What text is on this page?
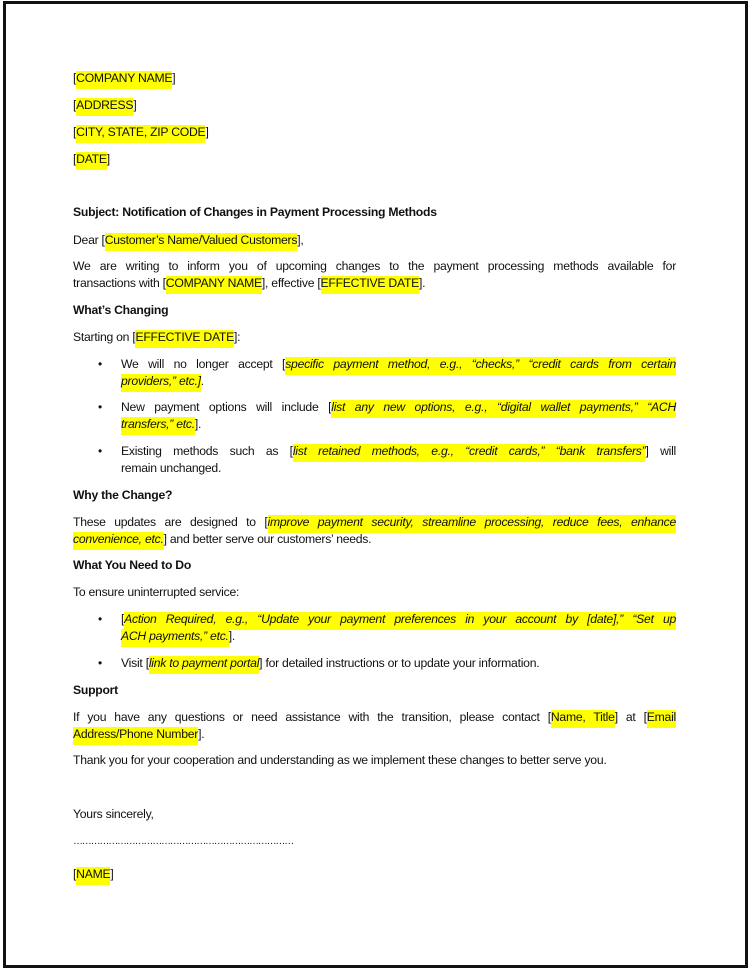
[COMPANY NAME]
[ADDRESS]
[CITY, STATE, ZIP CODE]
[DATE]
Subject: Notification of Changes in Payment Processing Methods
Dear [Customer’s Name/Valued Customers],
We are writing to inform you of upcoming changes to the payment processing methods available for
transactions with [COMPANY NAME], effective [EFFECTIVE DATE].
What’s Changing
Starting on [EFFECTIVE DATE]:
• We will no longer accept [specific payment method, e.g., “checks,” “credit cards from certain
providers,” etc.].
• New payment options will include [list any new options, e.g., “digital wallet payments,” “ACH
transfers,” etc.].
• Existing methods such as [list retained methods, e.g., “credit cards,” “bank transfers”] will
remain unchanged.
Why the Change?
These updates are designed to [improve payment security, streamline processing, reduce fees, enhance
convenience, etc.] and better serve our customers’ needs.
What You Need to Do
To ensure uninterrupted service:
• [Action Required, e.g., “Update your payment preferences in your account by [date],” “Set up
ACH payments,” etc.].
• Visit [link to payment portal] for detailed instructions or to update your information.
Support
If you have any questions or need assistance with the transition, please contact [Name, Title] at [Email
Address/Phone Number].
Thank you for your cooperation and understanding as we implement these changes to better serve you.
Yours sincerely,
…………………………………………………………………
[NAME]
